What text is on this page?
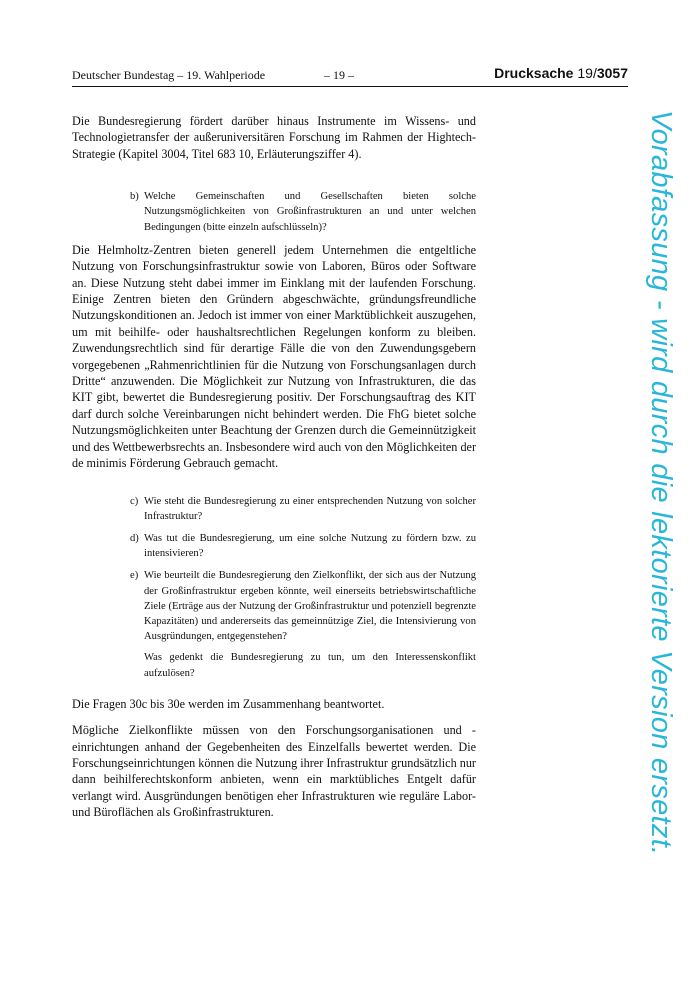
Deutscher Bundestag – 19. Wahlperiode	– 19 –	Drucksache 19/3057

Die Bundesregierung fördert darüber hinaus Instrumente im Wissens- und Technologietransfer der außeruniversitären Forschung im Rahmen der Hightech-Strategie (Kapitel 3004, Titel 683 10, Erläuterungsziffer 4).

b) Welche Gemeinschaften und Gesellschaften bieten solche Nutzungsmöglichkeiten von Großinfrastrukturen an und unter welchen Bedingungen (bitte einzeln aufschlüsseln)?

Die Helmholtz-Zentren bieten generell jedem Unternehmen die entgeltliche Nutzung von Forschungsinfrastruktur sowie von Laboren, Büros oder Software an. Diese Nutzung steht dabei immer im Einklang mit der laufenden Forschung. Einige Zentren bieten den Gründern abgeschwächte, gründungsfreundliche Nutzungskonditionen an. Jedoch ist immer von einer Marktüblichkeit auszugehen, um mit beihilfe- oder haushaltsrechtlichen Regelungen konform zu bleiben. Zuwendungsrechtlich sind für derartige Fälle die von den Zuwendungsgebern vorgegebenen „Rahmenrichtlinien für die Nutzung von Forschungsanlagen durch Dritte“ anzuwenden. Die Möglichkeit zur Nutzung von Infrastrukturen, die das KIT gibt, bewertet die Bundesregierung positiv. Der Forschungsauftrag des KIT darf durch solche Vereinbarungen nicht behindert werden. Die FhG bietet solche Nutzungsmöglichkeiten unter Beachtung der Grenzen durch die Gemeinnützigkeit und des Wettbewerbsrechts an. Insbesondere wird auch von den Möglichkeiten der de minimis Förderung Gebrauch gemacht.

c) Wie steht die Bundesregierung zu einer entsprechenden Nutzung von solcher Infrastruktur?

d) Was tut die Bundesregierung, um eine solche Nutzung zu fördern bzw. zu intensivieren?

e) Wie beurteilt die Bundesregierung den Zielkonflikt, der sich aus der Nutzung der Großinfrastruktur ergeben könnte, weil einerseits betriebswirtschaftliche Ziele (Erträge aus der Nutzung der Großinfrastruktur und potenziell begrenzte Kapazitäten) und andererseits das gemeinnützige Ziel, die Intensivierung von Ausgründungen, entgegenstehen?

Was gedenkt die Bundesregierung zu tun, um den Interessenskonflikt aufzulösen?

Die Fragen 30c bis 30e werden im Zusammenhang beantwortet.

Mögliche Zielkonflikte müssen von den Forschungsorganisationen und -einrichtungen anhand der Gegebenheiten des Einzelfalls bewertet werden. Die Forschungseinrichtungen können die Nutzung ihrer Infrastruktur grundsätzlich nur dann beihilferechtskonform anbieten, wenn ein marktübliches Entgelt dafür verlangt wird. Ausgründungen benötigen eher Infrastrukturen wie reguläre Labor- und Büroflächen als Großinfrastrukturen.	Vorabfassung - wird durch die lektorierte Version ersetzt.
